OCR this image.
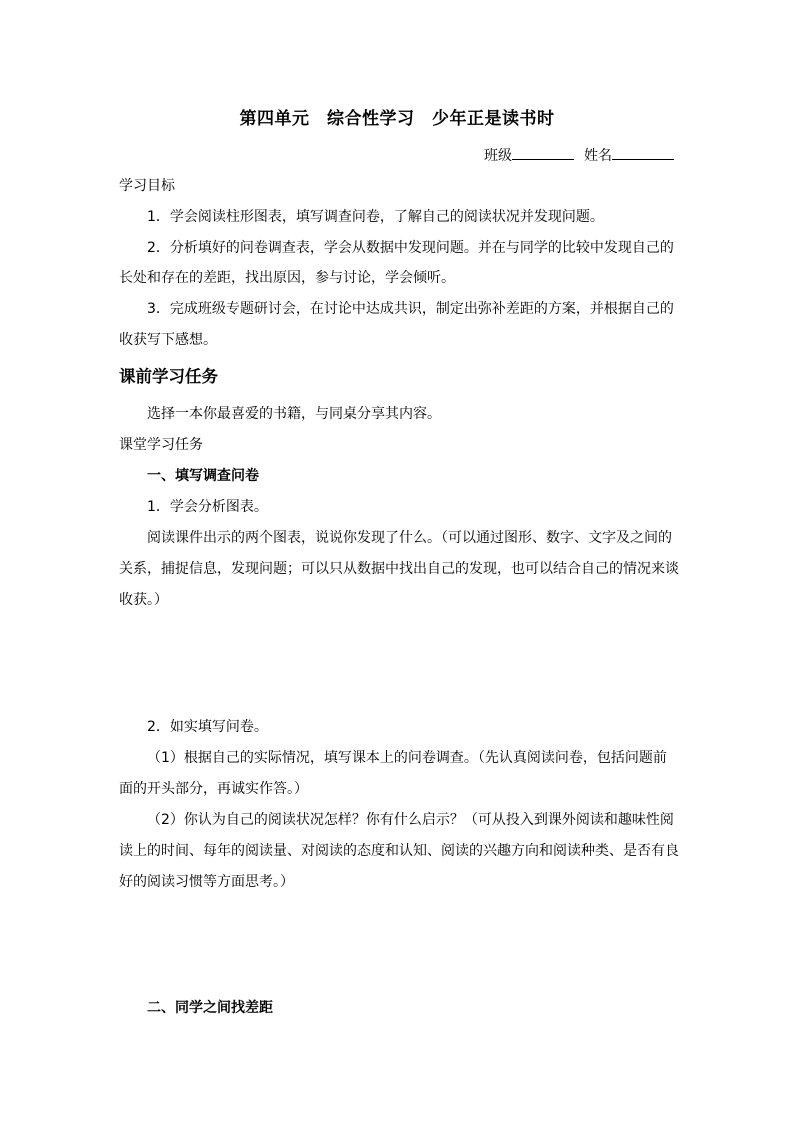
第四单元　综合性学习　少年正是读书时
班级	姓名
学习目标
1．学会阅读柱形图表，填写调查问卷，了解自己的阅读状况并发现问题。
2．分析填好的问卷调查表，学会从数据中发现问题。并在与同学的比较中发现自己的
长处和存在的差距，找出原因，参与讨论，学会倾听。
3．完成班级专题研讨会，在讨论中达成共识，制定出弥补差距的方案，并根据自己的
收获写下感想。
课前学习任务
选择一本你最喜爱的书籍，与同桌分享其内容。
课堂学习任务
一、填写调查问卷
1．学会分析图表。
阅读课件出示的两个图表，说说你发现了什么。（可以通过图形、数字、文字及之间的
关系，捕捉信息，发现问题；可以只从数据中找出自己的发现，也可以结合自己的情况来谈
收获。）
2．如实填写问卷。
（1）根据自己的实际情况，填写课本上的问卷调查。（先认真阅读问卷，包括问题前
面的开头部分，再诚实作答。）
（2）你认为自己的阅读状况怎样？你有什么启示？（可从投入到课外阅读和趣味性阅
读上的时间、每年的阅读量、对阅读的态度和认知、阅读的兴趣方向和阅读种类、是否有良
好的阅读习惯等方面思考。）
二、同学之间找差距
